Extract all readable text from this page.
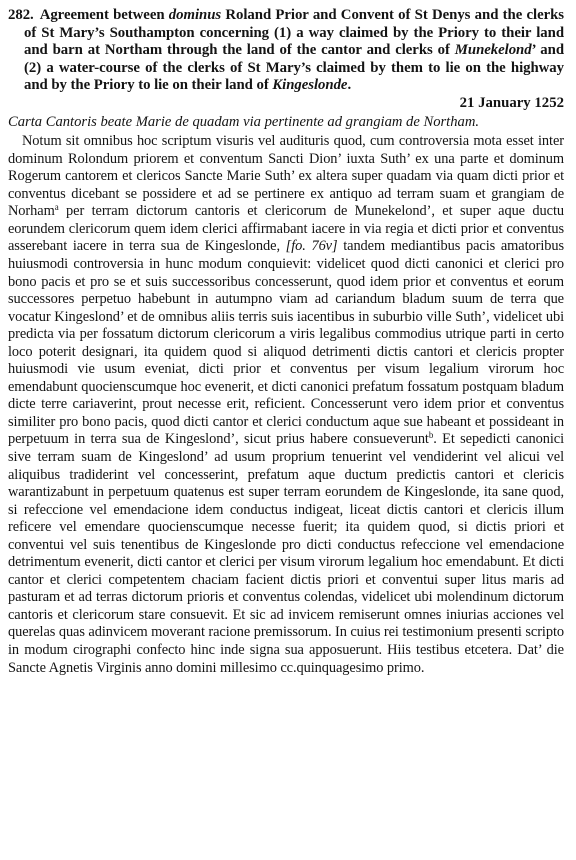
282. Agreement between dominus Roland Prior and Convent of St Denys and the clerks of St Mary’s Southampton concerning (1) a way claimed by the Priory to their land and barn at Northam through the land of the cantor and clerks of Munekelond’ and (2) a water-course of the clerks of St Mary’s claimed by them to lie on the highway and by the Priory to lie on their land of Kingeslonde.

21 January 1252

Carta Cantoris beate Marie de quadam via pertinente ad grangiam de Northam.

Notum sit omnibus hoc scriptum visuris vel audituris quod, cum controversia mota esset inter dominum Rolondum priorem et conventum Sancti Dion’ iuxta Suth’ ex una parte et dominum Rogerum cantorem et clericos Sancte Marie Suth’ ex altera super quadam via quam dicti prior et conventus dicebant se possidere et ad se pertinere ex antiquo ad terram suam et grangiam de Norham$^a$ per terram dictorum cantoris et clericorum de Munekelond’, et super aque ductu eorundem clericorum quem idem clerici affirmabant iacere in via regia et dicti prior et conventus asserebant iacere in terra sua de Kingeslonde, [fo. 76v] tandem mediantibus pacis amatoribus huiusmodi controversia in hunc modum conquievit: videlicet quod dicti canonici et clerici pro bono pacis et pro se et suis successoribus concesserunt, quod idem prior et conventus et eorum successores perpetuo habebunt in autumpno viam ad cariandum bladum suum de terra que vocatur Kingeslond’ et de omnibus aliis terris suis iacentibus in suburbio ville Suth’, videlicet ubi predicta via per fossatum dictorum clericorum a viris legalibus commodius utrique parti in certo loco poterit designari, ita quidem quod si aliquod detrimenti dictis cantori et clericis propter huiusmodi vie usum eveniat, dicti prior et conventus per visum legalium virorum hoc emendabunt quocienscumque hoc evenerit, et dicti canonici prefatum fossatum postquam bladum dicte terre cariaverint, prout necesse erit, reficient. Concesserunt vero idem prior et conventus similiter pro bono pacis, quod dicti cantor et clerici conductum aque sue habeant et possideant in perpetuum in terra sua de Kingeslond’, sicut prius habere consueverunt$^b$. Et sepedicti canonici sive terram suam de Kingeslond’ ad usum proprium tenuerint vel vendiderint vel alicui vel aliquibus tradiderint vel concesserint, prefatum aque ductum predictis cantori et clericis warantizabunt in perpetuum quatenus est super terram eorundem de Kingeslonde, ita sane quod, si refeccione vel emendacione idem conductus indigeat, liceat dictis cantori et clericis illum reficere vel emendare quocienscumque necesse fuerit; ita quidem quod, si dictis priori et conventui vel suis tenentibus de Kingeslonde pro dicti conductus refeccione vel emendacione detrimentum evenerit, dicti cantor et clerici per visum virorum legalium hoc emendabunt. Et dicti cantor et clerici competentem chaciam facient dictis priori et conventui super litus maris ad pasturam et ad terras dictorum prioris et conventus colendas, videlicet ubi molendinum dictorum cantoris et clericorum stare consuevit. Et sic ad invicem remiserunt omnes iniurias acciones vel querelas quas adinvicem moverant racione premissorum. In cuius rei testimonium presenti scripto in modum cirographi confecto hinc inde signa sua apposuerunt. Hiis testibus etcetera. Dat’ die Sancte Agnetis Virginis anno domini millesimo cc.quinquagesimo primo.
